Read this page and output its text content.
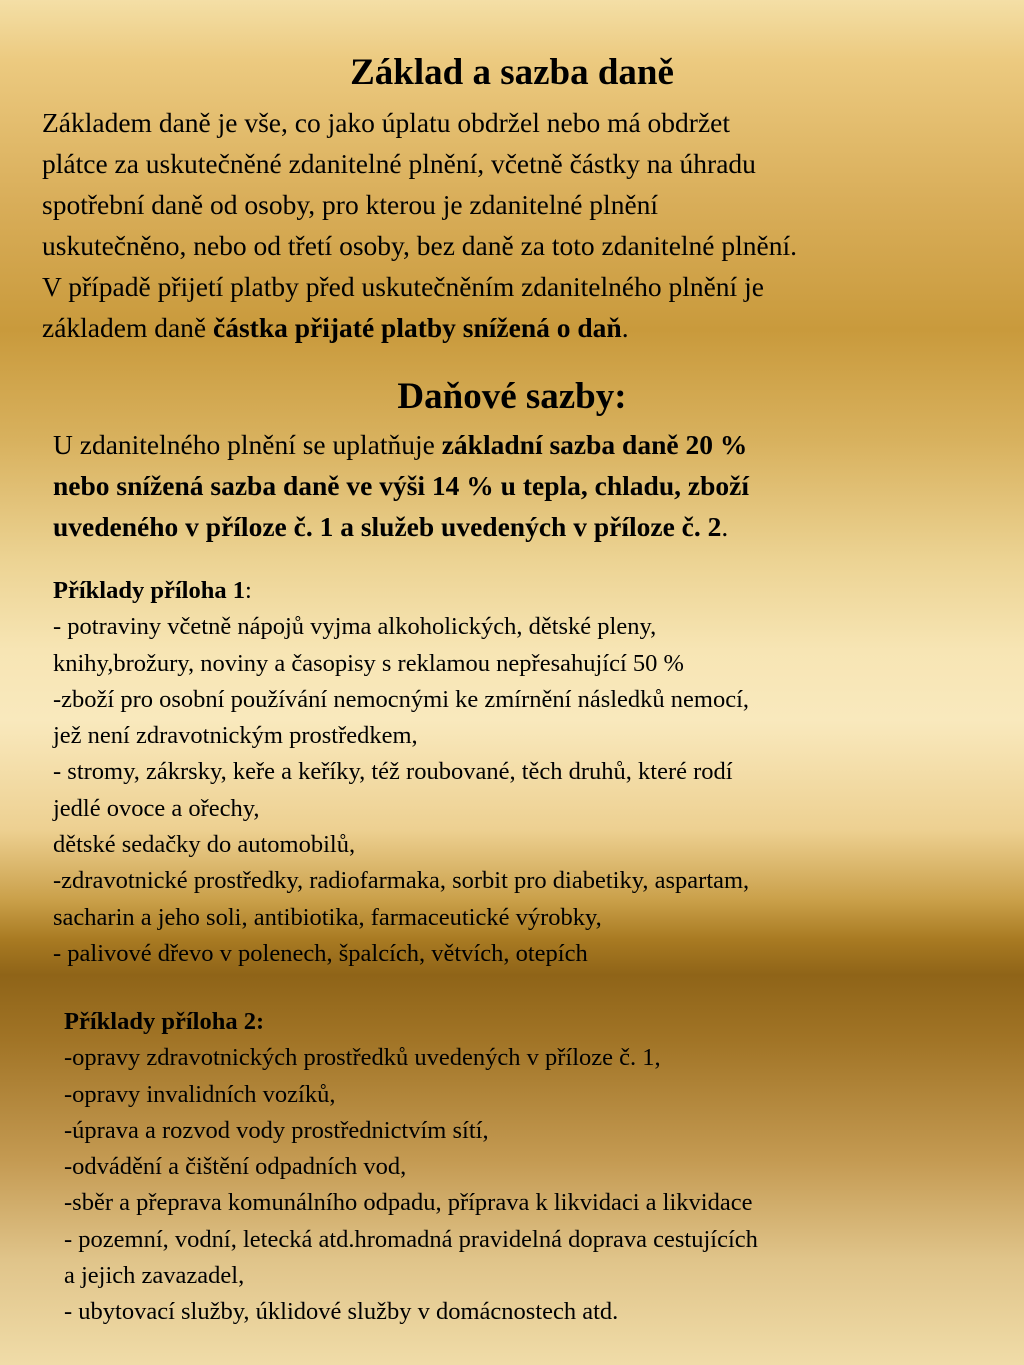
Základ a sazba daně
Základem daně je vše, co jako úplatu obdržel nebo má obdržet
plátce za uskutečněné zdanitelné plnění, včetně částky na úhradu
spotřební daně od osoby, pro kterou je zdanitelné plnění
uskutečněno, nebo od třetí osoby, bez daně za toto zdanitelné plnění.
V případě přijetí platby před uskutečněním zdanitelného plnění je
základem daně částka přijaté platby snížená o daň.
Daňové sazby:
U zdanitelného plnění se uplatňuje základní sazba daně 20 %
nebo snížená sazba daně ve výši 14 % u tepla, chladu, zboží
uvedeného v příloze č. 1 a služeb uvedených v příloze č. 2.
Příklady příloha 1:
- potraviny včetně nápojů vyjma alkoholických, dětské pleny,
knihy,brožury, noviny a časopisy s reklamou nepřesahující 50 %
-zboží pro osobní používání nemocnými ke zmírnění následků nemocí,
jež není zdravotnickým prostředkem,
- stromy, zákrsky, keře a keříky, též roubované, těch druhů, které rodí
jedlé ovoce a ořechy,
dětské sedačky do automobilů,
-zdravotnické prostředky, radiofarmaka, sorbit pro diabetiky, aspartam,
sacharin a jeho soli, antibiotika, farmaceutické výrobky,
- palivové dřevo v polenech, špalcích, větvích, otepích
Příklady příloha 2:
-opravy zdravotnických prostředků uvedených v příloze č. 1,
-opravy invalidních vozíků,
-úprava a rozvod vody prostřednictvím sítí,
-odvádění a čištění odpadních vod,
-sběr a přeprava komunálního odpadu, příprava k likvidaci a likvidace
- pozemní, vodní, letecká atd.hromadná pravidelná doprava cestujících
a jejich zavazadel,
- ubytovací služby, úklidové služby v domácnostech atd.
